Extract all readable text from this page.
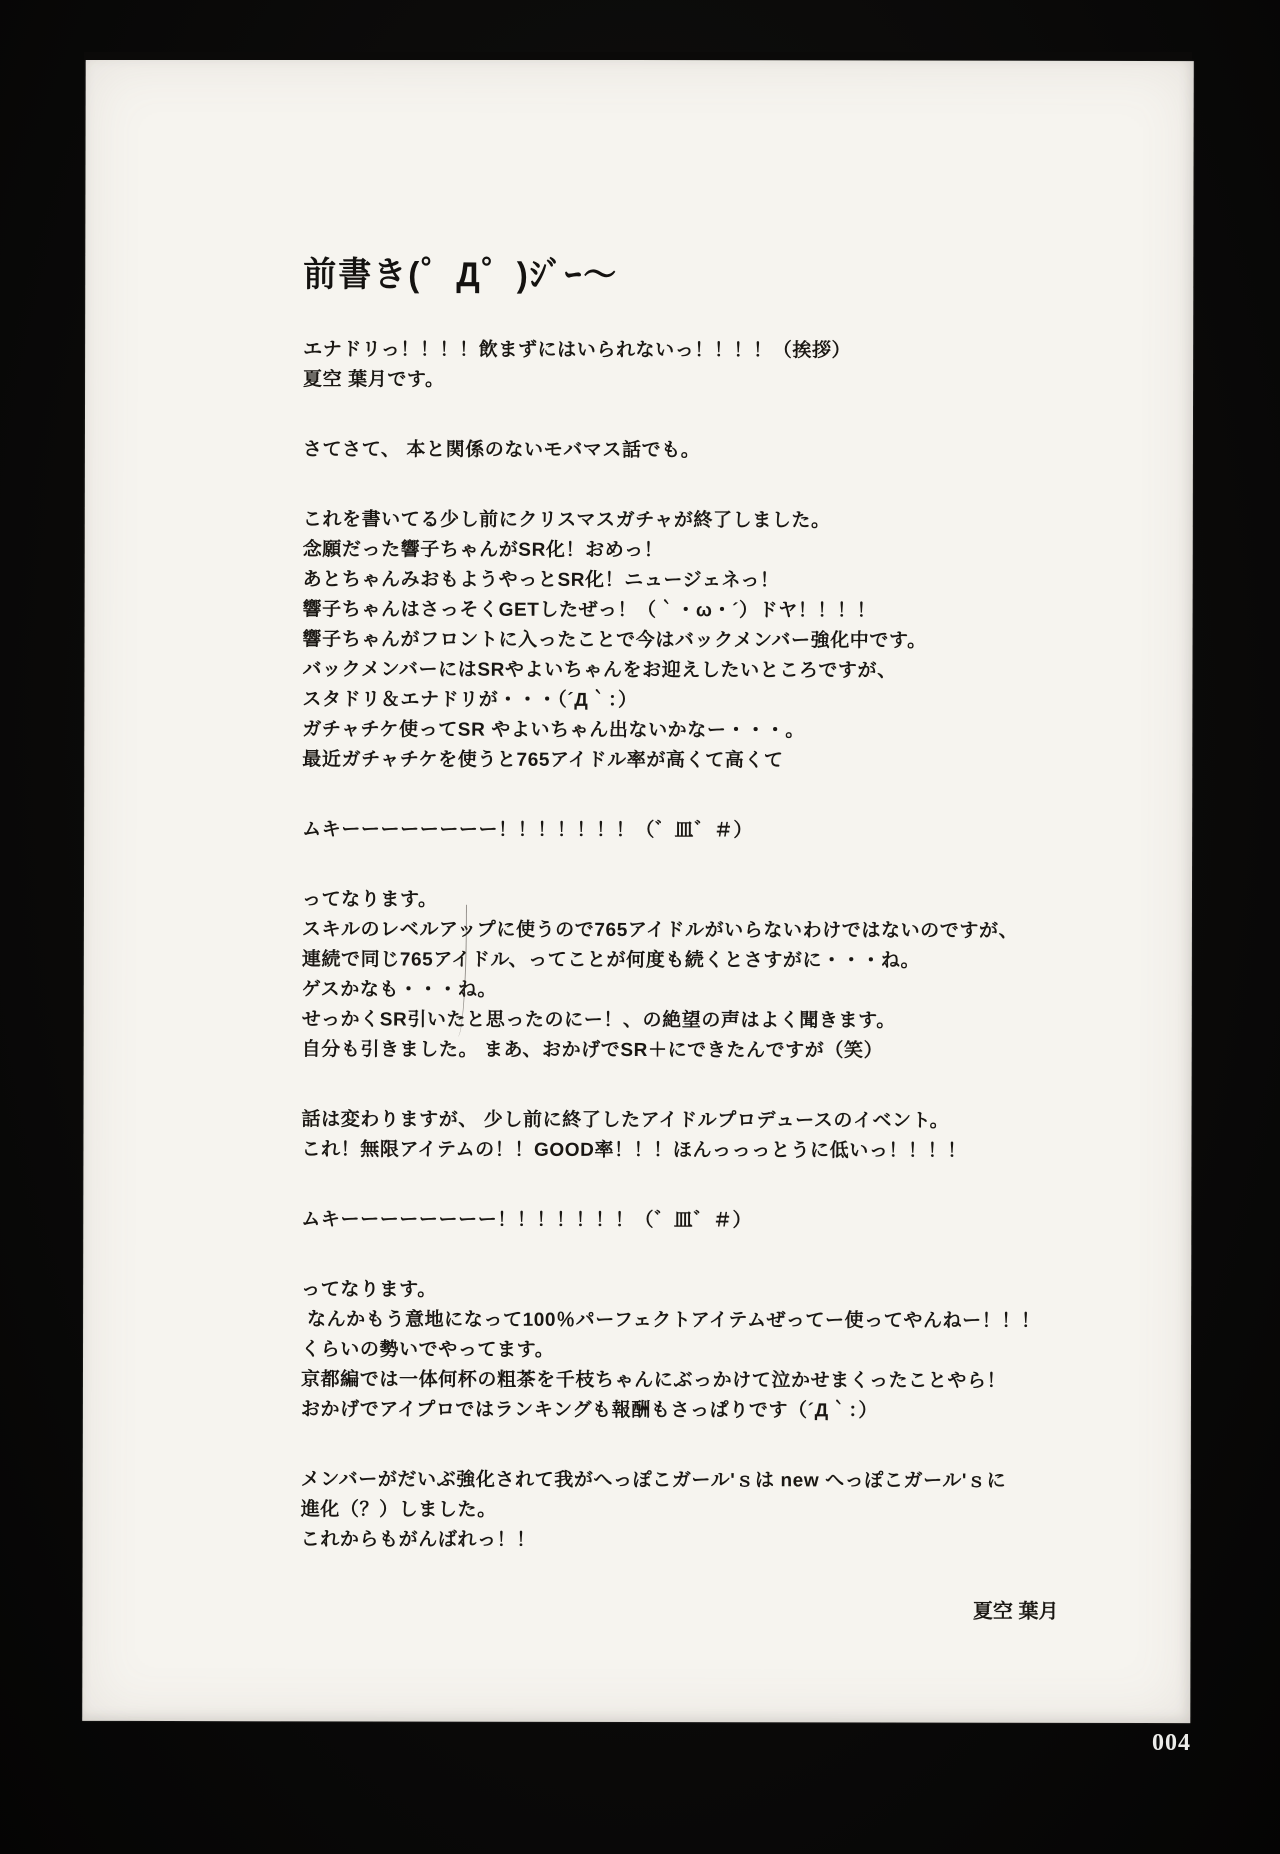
前書き(゜Д゜)ｼﾞｰ～
エナドリっ！！！！飲まずにはいられないっ！！！！（挨拶）
夏空 葉月です。
さてさて、 本と関係のないモバマス話でも。
これを書いてる少し前にクリスマスガチャが終了しました。
念願だった響子ちゃんがSR化！おめっ！
あとちゃんみおもようやっとSR化！ニュージェネっ！
響子ちゃんはさっそくGETしたぜっ！（｀・ω・´）ドヤ！！！！
響子ちゃんがフロントに入ったことで今はバックメンバー強化中です。
バックメンバーにはSRやよいちゃんをお迎えしたいところですが、
スタドリ＆エナドリが・・・（´Д｀：）
ガチャチケ使ってSR やよいちゃん出ないかなー・・・。
最近ガチャチケを使うと765アイドル率が高くて高くて
ムキーーーーーーーー！！！！！！！（゛皿゛＃）
ってなります。
スキルのレベルアップに使うので765アイドルがいらないわけではないのですが、
連続で同じ765アイドル、ってことが何度も続くとさすがに・・・ね。
ゲスかなも・・・ね。
せっかくSR引いたと思ったのにー！、の絶望の声はよく聞きます。
自分も引きました。 まあ、おかげでSR＋にできたんですが（笑）
話は変わりますが、 少し前に終了したアイドルプロデュースのイベント。
これ！無限アイテムの！！GOOD率！！！ほんっっっとうに低いっ！！！！
ムキーーーーーーーー！！！！！！！（゛皿゛＃）
ってなります。
なんかもう意地になって100％パーフェクトアイテムぜってー使ってやんねー！！！
くらいの勢いでやってます。
京都編では一体何杯の粗茶を千枝ちゃんにぶっかけて泣かせまくったことやら！
おかげでアイプロではランキングも報酬もさっぱりです（´Д｀：）
メンバーがだいぶ強化されて我がへっぽこガール'ｓは new へっぽこガール'ｓに
進化（？）しました。
これからもがんばれっ！！
夏空 葉月
004
